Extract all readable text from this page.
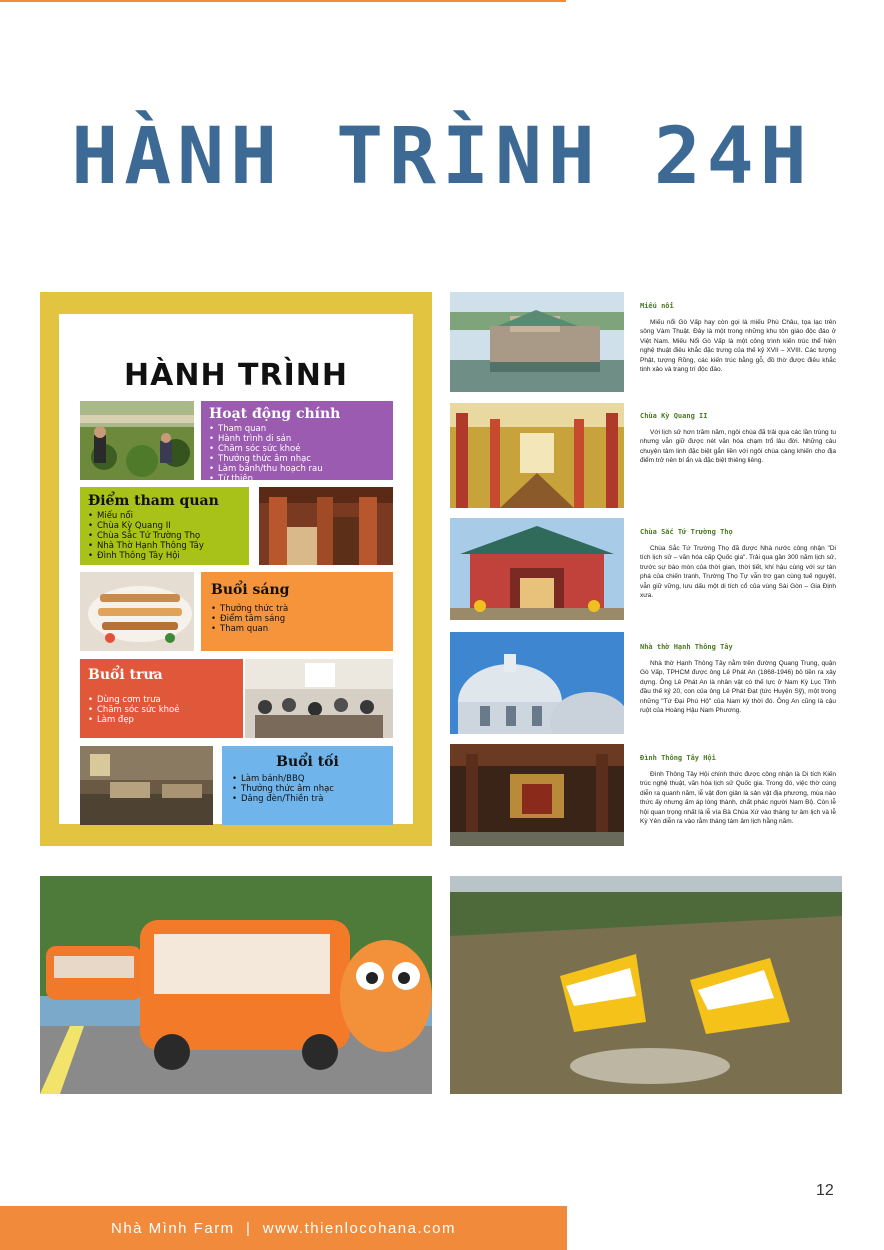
HÀNH TRÌNH 24H
HÀNH TRÌNH
Hoạt động chính
• Tham quan
• Hành trình di sản
• Chăm sóc sức khoẻ
• Thưởng thức âm nhạc
• Làm bánh/thu hoạch rau
• Từ thiện
Điểm tham quan
• Miếu nổi
• Chùa Kỳ Quang II
• Chùa Sắc Tứ Trường Thọ
• Nhà Thờ Hạnh Thông Tây
• Đình Thông Tây Hội
Buổi sáng
• Thưởng thức trà
• Điểm tâm sáng
• Tham quan
Buổi trưa
• Dùng cơm trưa
• Chăm sóc sức khoẻ
• Làm đẹp
Buổi tối
• Làm bánh/BBQ
• Thưởng thức âm nhạc
• Dâng đèn/Thiền trà
Miếu nổi
Miếu nổi Gò Vấp hay còn gọi là miếu Phù Châu, tọa lạc trên sông Vàm Thuật. Đây là một trong những khu tôn giáo độc đáo ở Việt Nam. Miếu Nổi Gò Vấp là một công trình kiến trúc thể hiện nghệ thuật điêu khắc đặc trưng của thế kỷ XVII – XVIII. Các tượng Phật, tượng Rồng, các kiến trúc bằng gỗ, đồ thờ được điêu khắc tinh xảo và trang trí độc đáo.
Chùa Kỳ Quang II
Với lịch sử hơn trăm năm, ngôi chùa đã trải qua các lần trùng tu nhưng vẫn giữ được nét văn hóa chạm trổ lâu đời. Những câu chuyện tâm linh đặc biệt gắn liền với ngôi chùa càng khiến cho địa điểm trở nên bí ẩn và đặc biệt thiêng liêng.
Chùa Sắc Tứ Trường Thọ
Chùa Sắc Tứ Trường Thọ đã được Nhà nước công nhận "Di tích lịch sử – văn hóa cấp Quốc gia". Trải qua gần 300 năm lịch sử, trước sự bào mòn của thời gian, thời tiết, khí hậu cùng với sự tàn phá của chiến tranh, Trường Thọ Tự vẫn trơ gan cùng tuế nguyệt, vẫn giữ vững, lưu dấu một di tích cổ của vùng Sài Gòn – Gia Định xưa.
Nhà thờ Hạnh Thông Tây
Nhà thờ Hạnh Thông Tây nằm trên đường Quang Trung, quận Gò Vấp, TPHCM được ông Lê Phát An (1868-1946) bỏ tiền ra xây dựng. Ông Lê Phát An là nhân vật có thế lực ở Nam Kỳ Lục Tỉnh đầu thế kỷ 20, con của ông Lê Phát Đạt (tức Huyện Sỹ), một trong những "Tứ Đại Phú Hộ" của Nam kỳ thời đó. Ông An cũng là cậu ruột của Hoàng Hậu Nam Phương.
Đình Thông Tây Hội
Đình Thông Tây Hội chính thức được công nhận là Di tích Kiến trúc nghệ thuật, văn hóa lịch sử Quốc gia. Trong đó, việc thờ cúng diễn ra quanh năm, lễ vật đơn giản là sản vật địa phương, mùa nào thức ấy nhưng ấm áp lòng thành, chất phác người Nam Bộ. Còn lễ hội quan trọng nhất là lễ vía Bà Chúa Xứ vào tháng tư âm lịch và lễ Kỳ Yên diễn ra vào rằm tháng tám âm lịch hằng năm.
12
Nhà Mình Farm  |  www.thienlocohana.com
